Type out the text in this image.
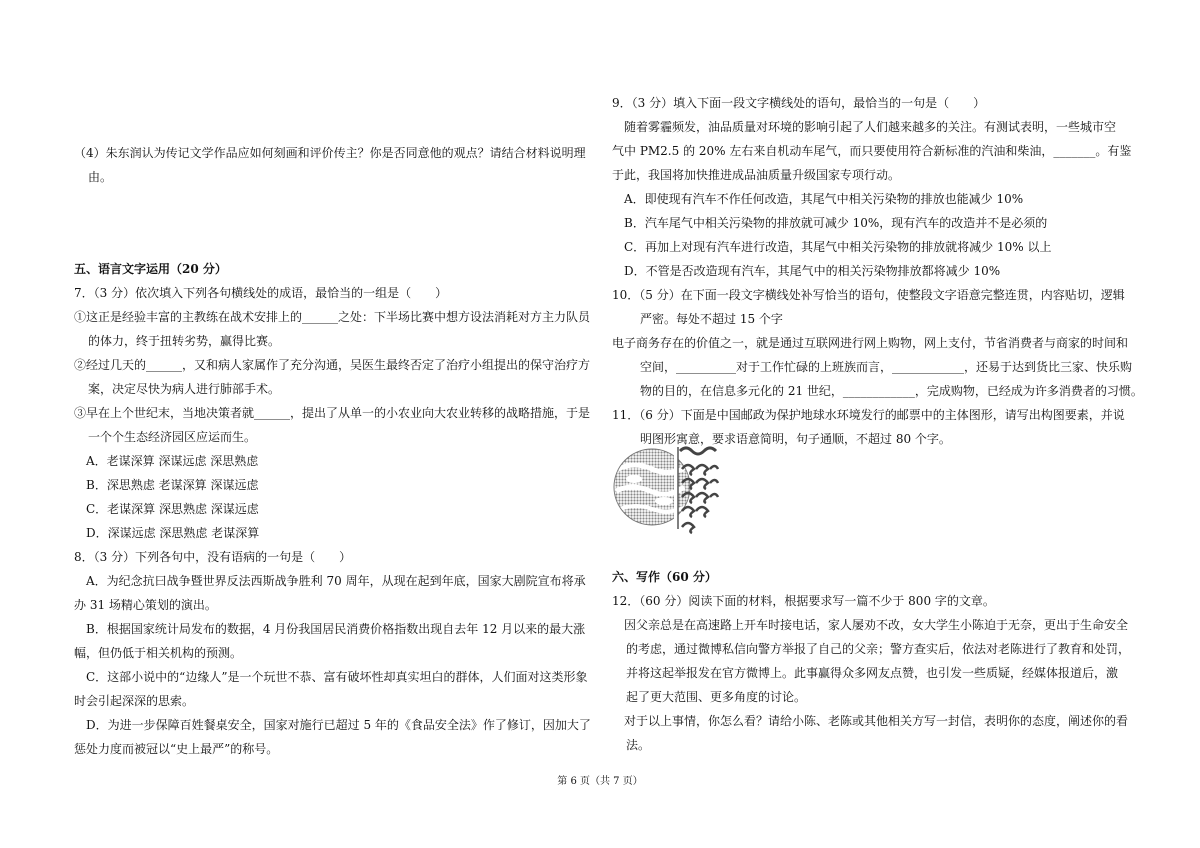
（4）朱东润认为传记文学作品应如何刻画和评价传主？你是否同意他的观点？请结合材料说明理
由。
五、语言文字运用（20 分）
7．（3 分）依次填入下列各句横线处的成语，最恰当的一组是（　　）
①这正是经验丰富的主教练在战术安排上的______之处：下半场比赛中想方设法消耗对方主力队员
的体力，终于扭转劣势，赢得比赛。
②经过几天的______，又和病人家属作了充分沟通，吴医生最终否定了治疗小组提出的保守治疗方
案，决定尽快为病人进行肺部手术。
③早在上个世纪末，当地决策者就______，提出了从单一的小农业向大农业转移的战略措施，于是
一个个生态经济园区应运而生。
A．老谋深算 深谋远虑 深思熟虑
B．深思熟虑 老谋深算 深谋远虑
C．老谋深算 深思熟虑 深谋远虑
D．深谋远虑 深思熟虑 老谋深算
8．（3 分）下列各句中，没有语病的一句是（　　）
A．为纪念抗曰战争暨世界反法西斯战争胜利 70 周年，从现在起到年底，国家大剧院宣布将承
办 31 场精心策划的演出。
B．根据国家统计局发布的数据，4 月份我国居民消费价格指数出现自去年 12 月以来的最大涨
幅，但仍低于相关机构的预测。
C．这部小说中的“边缘人”是一个玩世不恭、富有破坏性却真实坦白的群体，人们面对这类形象
时会引起深深的思索。
D．为进一步保障百姓餐桌安全，国家对施行已超过 5 年的《食品安全法》作了修订，因加大了
惩处力度而被冠以“史上最严”的称号。
9．（3 分）填入下面一段文字横线处的语句，最恰当的一句是（　　）
随着雾霾频发，油品质量对环境的影响引起了人们越来越多的关注。有测试表明，一些城市空
气中 PM2.5 的 20% 左右来自机动车尾气，而只要使用符合新标准的汽油和柴油，_______。有鉴
于此，我国将加快推进成品油质量升级国家专项行动。
A．即使现有汽车不作任何改造，其尾气中相关污染物的排放也能减少 10%
B．汽车尾气中相关污染物的排放就可减少 10%，现有汽车的改造并不是必须的
C．再加上对现有汽车进行改造，其尾气中相关污染物的排放就将减少 10% 以上
D．不管是否改造现有汽车，其尾气中的相关污染物排放都将减少 10%
10．（5 分）在下面一段文字横线处补写恰当的语句，使整段文字语意完整连贯，内容贴切，逻辑
严密。每处不超过 15 个字
电子商务存在的价值之一，就是通过互联网进行网上购物，网上支付，节省消费者与商家的时间和
空间，__________对于工作忙碌的上班族而言，____________，还易于达到货比三家、快乐购
物的目的，在信息多元化的 21 世纪，____________，完成购物，已经成为许多消费者的习惯。
11．（6 分）下面是中国邮政为保护地球水环境发行的邮票中的主体图形，请写出构图要素，并说
明图形寓意，要求语意简明，句子通顺，不超过 80 个字。
六、写作（60 分）
12．（60 分）阅读下面的材料，根据要求写一篇不少于 800 字的文章。
因父亲总是在高速路上开车时接电话，家人屡劝不改，女大学生小陈迫于无奈，更出于生命安全
的考虑，通过微博私信向警方举报了自己的父亲；警方查实后，依法对老陈进行了教育和处罚，
并将这起举报发在官方微博上。此事赢得众多网友点赞，也引发一些质疑，经媒体报道后，激
起了更大范围、更多角度的讨论。
对于以上事情，你怎么看？请给小陈、老陈或其他相关方写一封信，表明你的态度，阐述你的看
法。
第 6 页（共 7 页）
